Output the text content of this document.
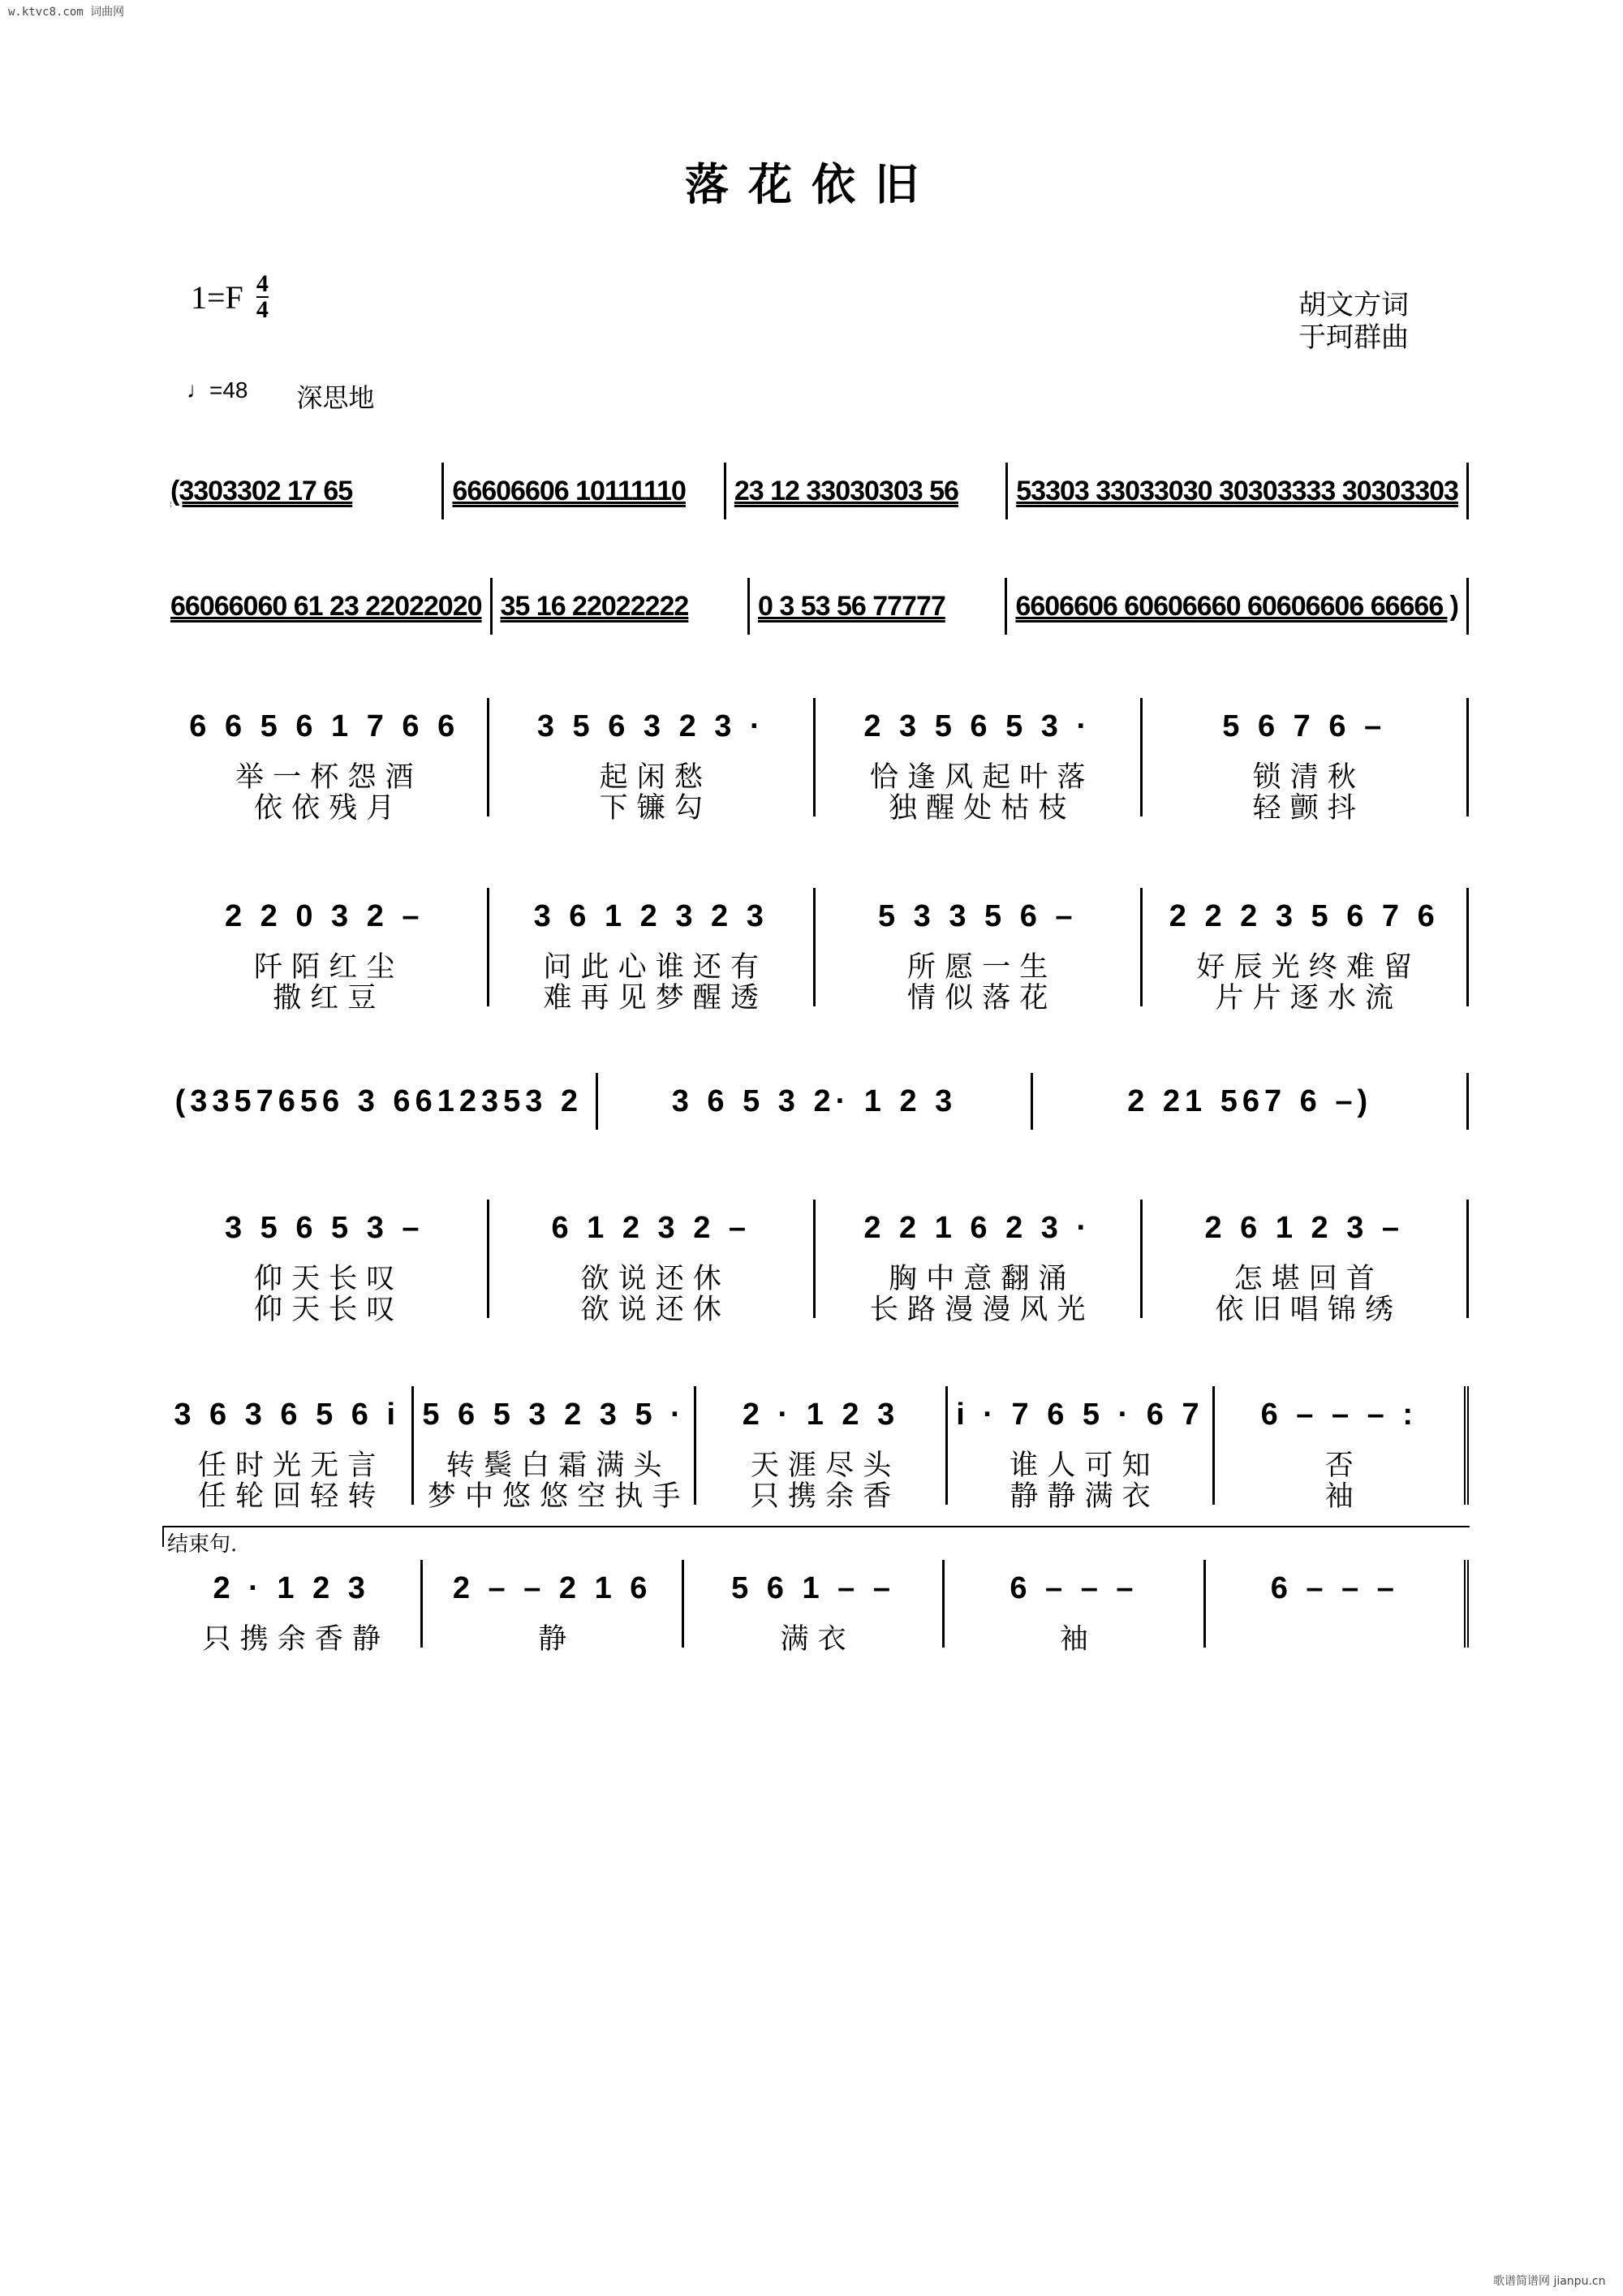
w.ktvc8.com 词曲网
落花依旧
$1=F \frac{4}{4}$	胡文方词
于珂群曲
♩=48 深思地
结束句.
(3303302 17 65	66606606 10111110	23 12 33030303 56	53303 33033030 30303333 30303303
66066060 61 23 22022020 35 16 22022222	0 3 53 56 77777	6606606 60606660 60606606 66666 )
6 6 5 6 1 7 6 6
举 一 杯 怨 酒
依 依 残 月
3 5 6 3 2 3 ·
起 闲 愁
下 镰 勾
2 3 5 6 5 3 ·
恰 逢 风 起 叶 落
独 醒 处 枯 枝
5 6 7 6 –
锁 清 秋
轻 颤 抖
2 2 0 3 2 –
阡 陌 红 尘
撒 红 豆
3 6 1 2 3 2 3
问 此 心 谁 还 有
难 再 见 梦 醒 透
5 3 3 5 6 –
所 愿 一 生
情 似 落 花
2 2 2 3 5 6 7 6
好 辰 光 终 难 留
片 片 逐 水 流
(3357656 3 6612353 2	3 6 5 3 2· 1 2 3	2 21 567 6 –)
3 5 6 5 3 –
仰 天 长 叹
仰 天 长 叹
6 1 2 3 2 –
欲 说 还 休
欲 说 还 休
2 2 1 6 2 3 ·
胸 中 意 翻 涌
长 路 漫 漫 风 光
2 6 1 2 3 –
怎 堪 回 首
依 旧 唱 锦 绣
3 6 3 6 5 6 i
任 时 光 无 言
任 轮 回 轻 转
5 6 5 3 2 3 5 ·
转 鬓 白 霜 满 头
梦 中 悠 悠 空 执 手
2 · 1 2 3
天 涯 尽 头
只 携 余 香
i · 7 6 5 · 6 7
谁 人 可 知
静 静 满 衣
6 – – – :
否
袖
2 · 1 2 3
只 携 余 香 静
2 – – 2 1 6
静
5 6 1 – –
满 衣
6 – – –
袖
6 – – –
歌谱简谱网 jianpu.cn
